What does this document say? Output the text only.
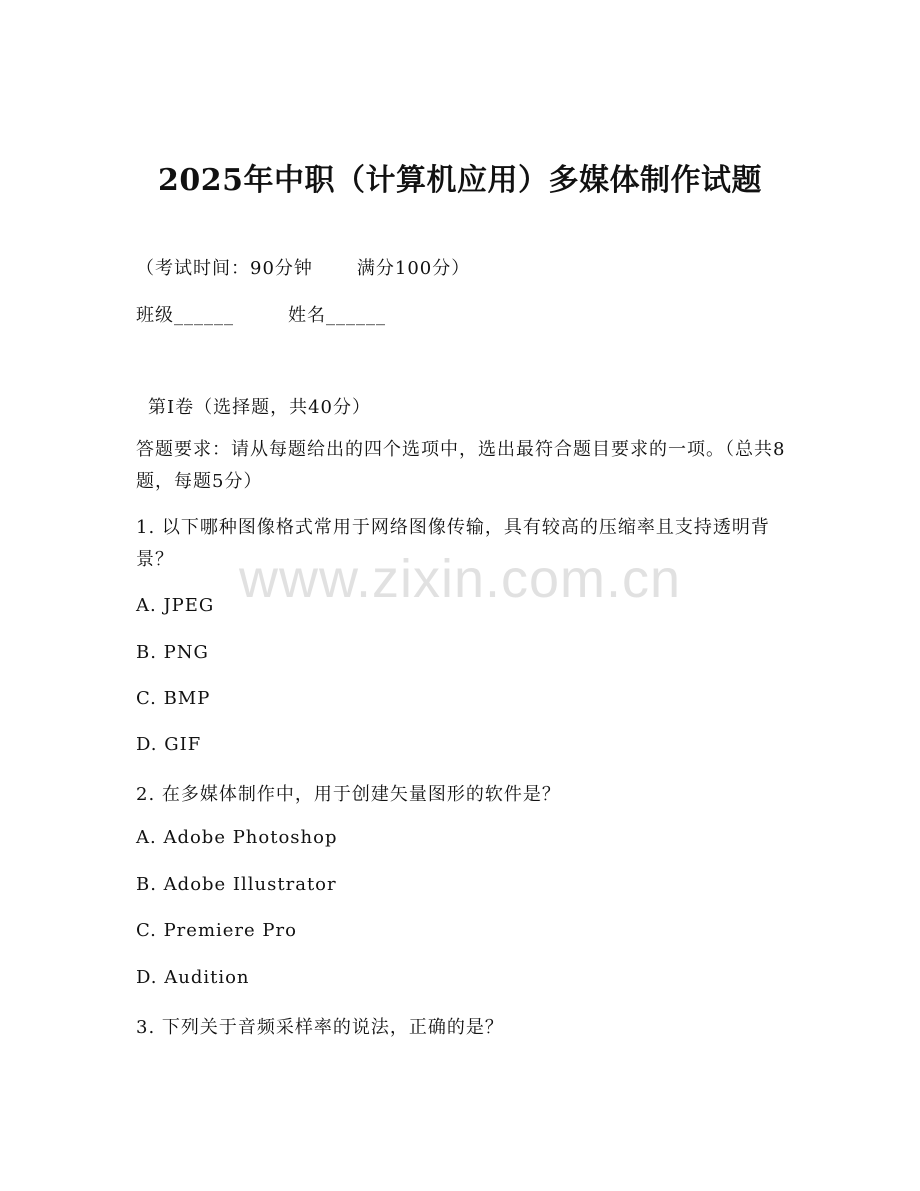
2025年中职（计算机应用）多媒体制作试题
（考试时间：90分钟 满分100分）
班级______	姓名______
第I卷（选择题，共40分）
答题要求：请从每题给出的四个选项中，选出最符合题目要求的一项。（总共8题，每题5分）
1. 以下哪种图像格式常用于网络图像传输，具有较高的压缩率且支持透明背景？
A. JPEG
B. PNG
C. BMP
D. GIF
2. 在多媒体制作中，用于创建矢量图形的软件是？
A. Adobe Photoshop
B. Adobe Illustrator
C. Premiere Pro
D. Audition
3. 下列关于音频采样率的说法，正确的是？
www.zixin.com.cn
